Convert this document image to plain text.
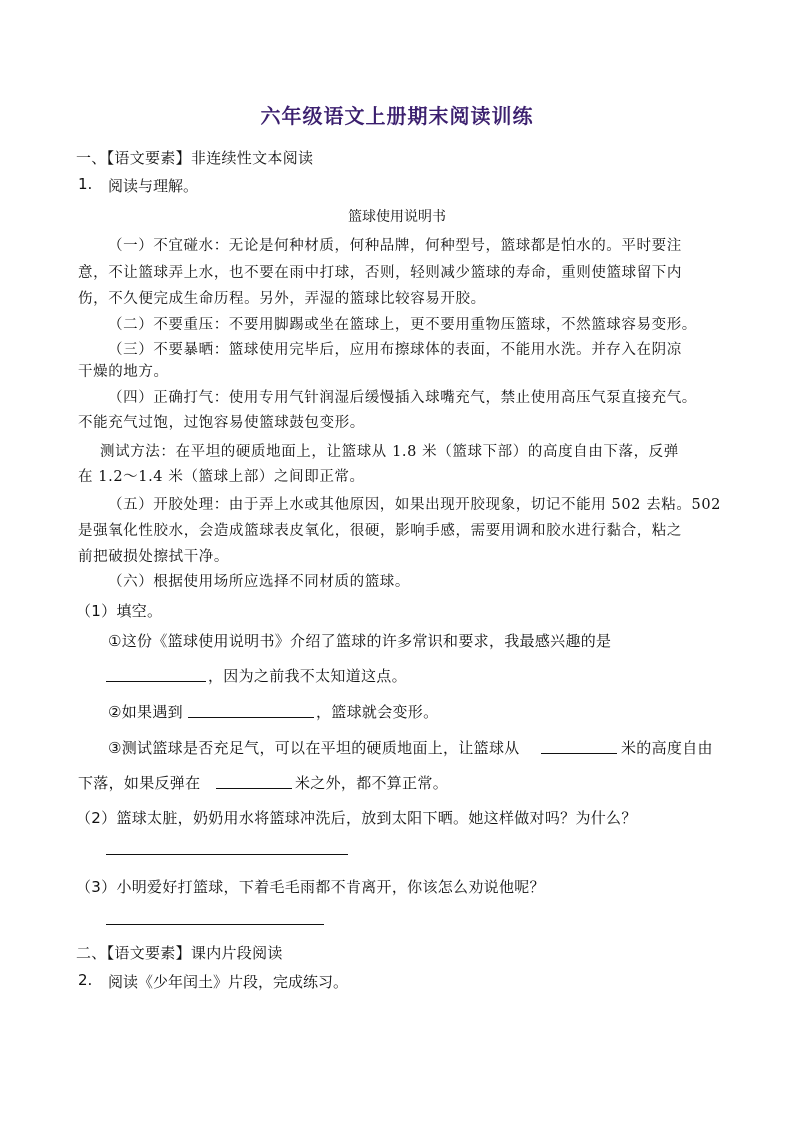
六年级语文上册期末阅读训练
一、【语文要素】非连续性文本阅读
1. 阅读与理解。
篮球使用说明书
（一）不宜碰水：无论是何种材质，何种品牌，何种型号，篮球都是怕水的。平时要注
意，不让篮球弄上水，也不要在雨中打球，否则，轻则减少篮球的寿命，重则使篮球留下内
伤，不久便完成生命历程。另外，弄湿的篮球比较容易开胶。
（二）不要重压：不要用脚踢或坐在篮球上，更不要用重物压篮球，不然篮球容易变形。
（三）不要暴晒：篮球使用完毕后，应用布擦球体的表面，不能用水洗。并存入在阴凉
干燥的地方。
（四）正确打气：使用专用气针润湿后缓慢插入球嘴充气，禁止使用高压气泵直接充气。
不能充气过饱，过饱容易使篮球鼓包变形。
测试方法：在平坦的硬质地面上，让篮球从 1.8 米（篮球下部）的高度自由下落，反弹
在 1.2～1.4 米（篮球上部）之间即正常。
（五）开胶处理：由于弄上水或其他原因，如果出现开胶现象，切记不能用 502 去粘。502
是强氧化性胶水，会造成篮球表皮氧化，很硬，影响手感，需要用调和胶水进行黏合，粘之
前把破损处擦拭干净。
（六）根据使用场所应选择不同材质的篮球。
（1）填空。
①这份《篮球使用说明书》介绍了篮球的许多常识和要求，我最感兴趣的是
，因为之前我不太知道这点。
②如果遇到	，篮球就会变形。
③测试篮球是否充足气，可以在平坦的硬质地面上，让篮球从	米的高度自由
下落，如果反弹在	米之外，都不算正常。
（2）篮球太脏，奶奶用水将篮球冲洗后，放到太阳下晒。她这样做对吗？为什么？
（3）小明爱好打篮球，下着毛毛雨都不肯离开，你该怎么劝说他呢？
二、【语文要素】课内片段阅读
2. 阅读《少年闰土》片段，完成练习。
